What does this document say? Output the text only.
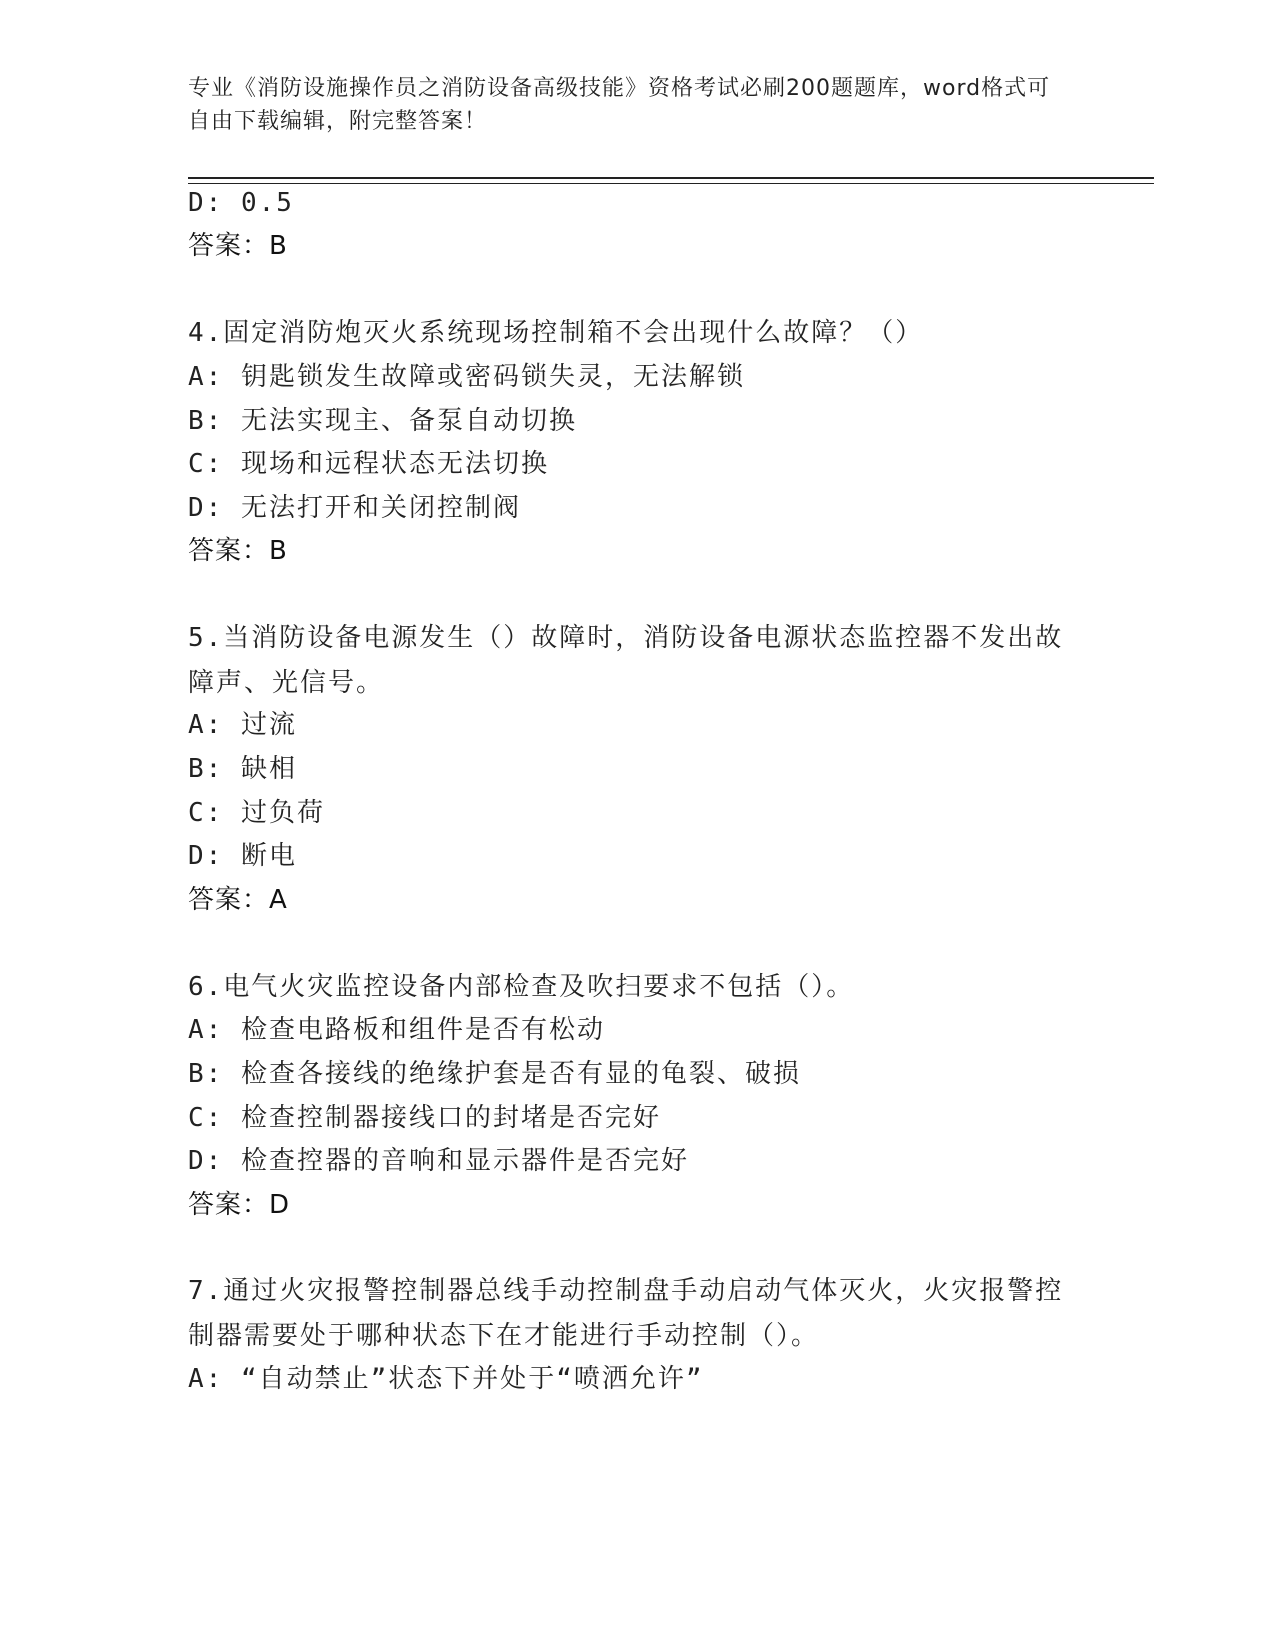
专业《消防设施操作员之消防设备高级技能》资格考试必刷200题题库，word格式可自由下载编辑，附完整答案！
D: 0.5
答案：B
4.固定消防炮灭火系统现场控制箱不会出现什么故障？（）
A: 钥匙锁发生故障或密码锁失灵，无法解锁
B: 无法实现主、备泵自动切换
C: 现场和远程状态无法切换
D: 无法打开和关闭控制阀
答案：B
5.当消防设备电源发生（）故障时，消防设备电源状态监控器不发出故障声、光信号。
A: 过流
B: 缺相
C: 过负荷
D: 断电
答案：A
6.电气火灾监控设备内部检查及吹扫要求不包括（）。
A: 检查电路板和组件是否有松动
B: 检查各接线的绝缘护套是否有显的龟裂、破损
C: 检查控制器接线口的封堵是否完好
D: 检查控器的音响和显示器件是否完好
答案：D
7.通过火灾报警控制器总线手动控制盘手动启动气体灭火，火灾报警控制器需要处于哪种状态下在才能进行手动控制（）。
A: “自动禁止”状态下并处于“喷洒允许”
